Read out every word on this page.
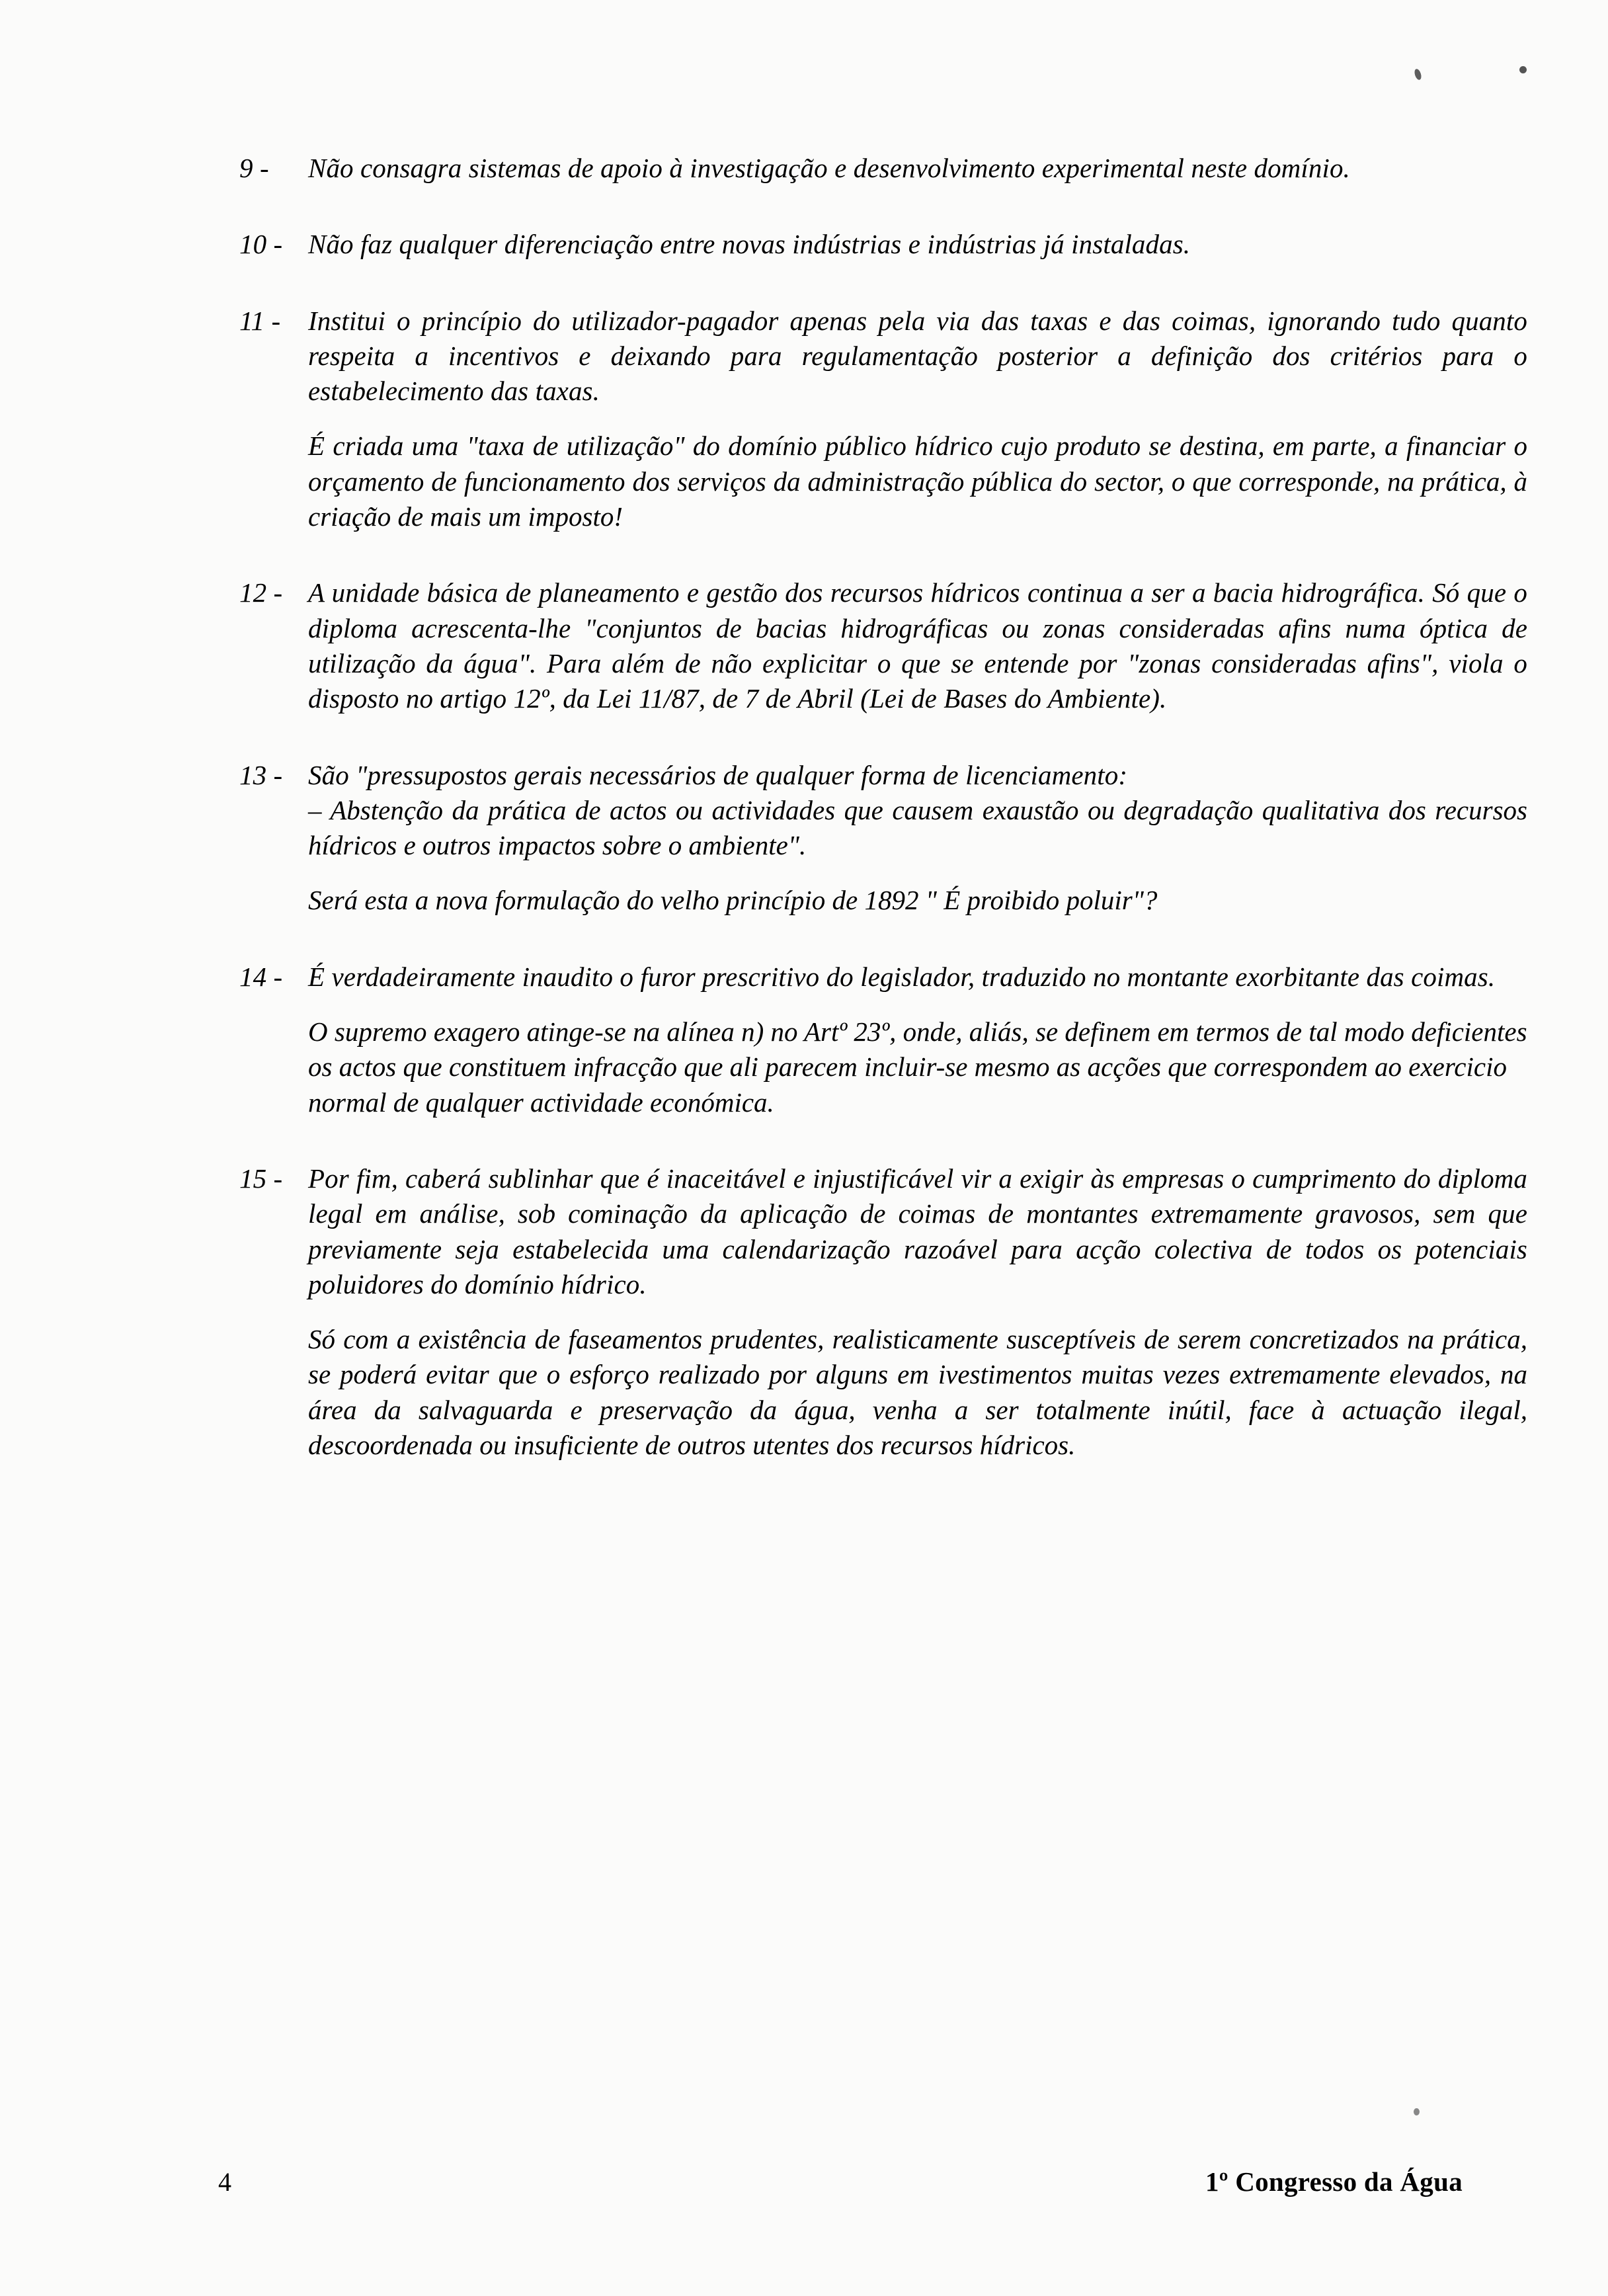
9 -	Não consagra sistemas de apoio à investigação e desenvolvimento experimental neste domínio.
10 - Não faz qualquer diferenciação entre novas indústrias e indústrias já instaladas.
11 -	Institui o princípio do utilizador-pagador apenas pela via das taxas e das coimas, ignorando tudo quanto respeita a incentivos e deixando para regulamentação posterior a definição dos critérios para o estabelecimento das taxas.
É criada uma "taxa de utilização" do domínio público hídrico cujo produto se destina, em parte, a financiar o orçamento de funcionamento dos serviços da administração pública do sector, o que corresponde, na prática, à criação de mais um imposto!
12 - A unidade básica de planeamento e gestão dos recursos hídricos continua a ser a bacia hidrográfica. Só que o diploma acrescenta-lhe "conjuntos de bacias hidrográficas ou zonas consideradas afins numa óptica de utilização da água". Para além de não explicitar o que se entende por "zonas consideradas afins", viola o disposto no artigo 12º, da Lei 11/87, de 7 de Abril (Lei de Bases do Ambiente).
13 - São "pressupostos gerais necessários de qualquer forma de licenciamento:
– Abstenção da prática de actos ou actividades que causem exaustão ou degradação qualitativa dos recursos hídricos e outros impactos sobre o ambiente".
Será esta a nova formulação do velho princípio de 1892 " É proibido poluir"?
14 - É verdadeiramente inaudito o furor prescritivo do legislador, traduzido no montante exorbitante das coimas.
O supremo exagero atinge-se na alínea n) no Artº 23º, onde, aliás, se definem em termos de tal modo deficientes os actos que constituem infracção que ali parecem incluir-se mesmo as acções que correspondem ao exercicio normal de qualquer actividade económica.
15 - Por fim, caberá sublinhar que é inaceitável e injustificável vir a exigir às empresas o cumprimento do diploma legal em análise, sob cominação da aplicação de coimas de montantes extremamente gravosos, sem que previamente seja estabelecida uma calendarização razoável para acção colectiva de todos os potenciais poluidores do domínio hídrico.
Só com a existência de faseamentos prudentes, realisticamente susceptíveis de serem concretizados na prática, se poderá evitar que o esforço realizado por alguns em ivestimentos muitas vezes extremamente elevados, na área da salvaguarda e preservação da água, venha a ser totalmente inútil, face à actuação ilegal, descoordenada ou insuficiente de outros utentes dos recursos hídricos.
4	1º Congresso da Água
